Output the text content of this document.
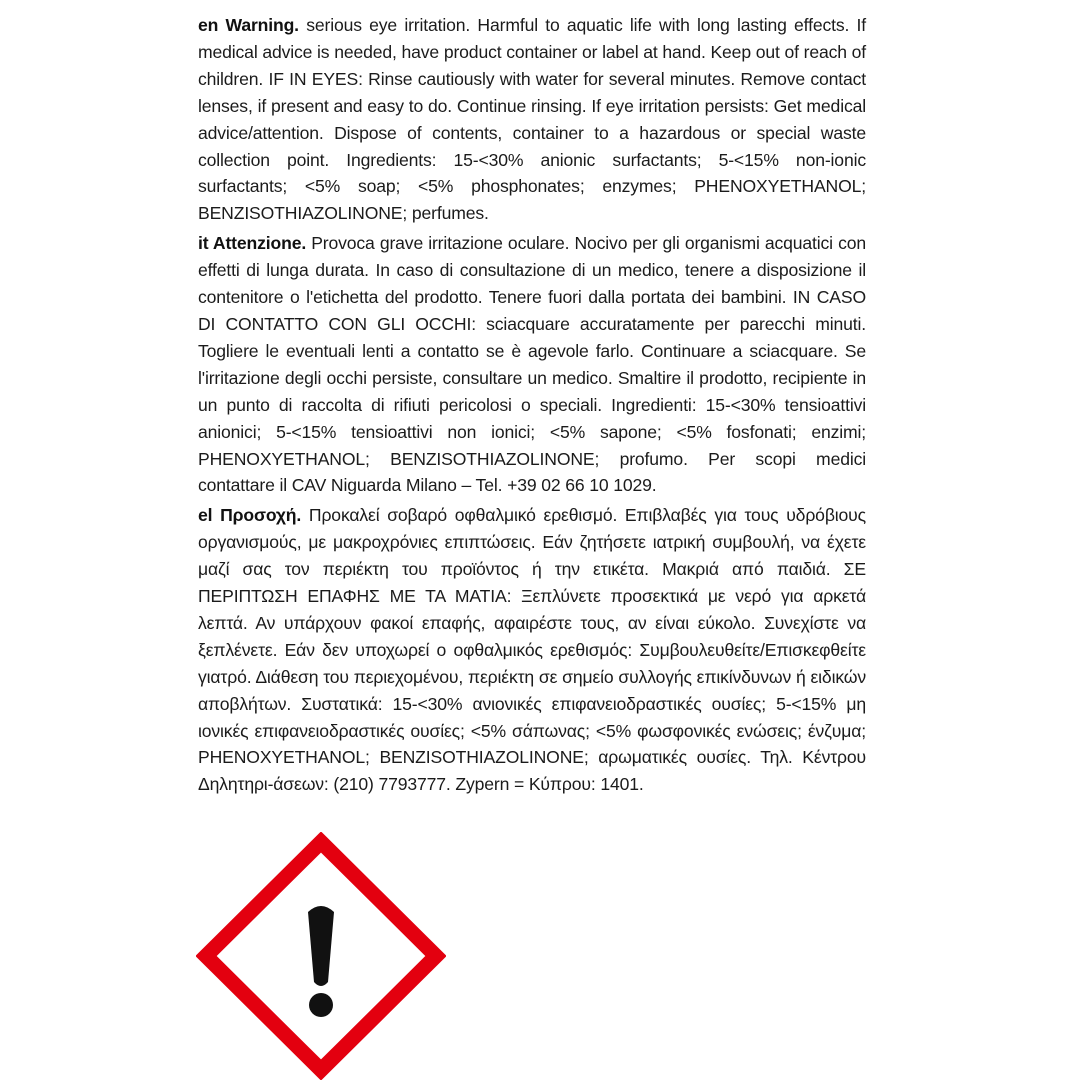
en Warning. serious eye irritation. Harmful to aquatic life with long lasting effects. If medical advice is needed, have product container or label at hand. Keep out of reach of children. IF IN EYES: Rinse cautiously with water for several minutes. Remove contact lenses, if present and easy to do. Continue rinsing. If eye irritation persists: Get medical advice/attention. Dispose of contents, container to a hazardous or special waste collection point. Ingredients: 15-<30% anionic surfactants; 5-<15% non-ionic surfactants; <5% soap; <5% phosphonates; enzymes; PHENOXYETHANOL; BENZISOTHIAZOLINONE; perfumes.

it Attenzione. Provoca grave irritazione oculare. Nocivo per gli organismi acquatici con effetti di lunga durata. In caso di consultazione di un medico, tenere a disposizione il contenitore o l'etichetta del prodotto. Tenere fuori dalla portata dei bambini. IN CASO DI CONTATTO CON GLI OCCHI: sciacquare accuratamente per parecchi minuti. Togliere le eventuali lenti a contatto se è agevole farlo. Continuare a sciacquare. Se l'irritazione degli occhi persiste, consultare un medico. Smaltire il prodotto, recipiente in un punto di raccolta di rifiuti pericolosi o speciali. Ingredienti: 15-<30% tensioattivi anionici; 5-<15% tensioattivi non ionici; <5% sapone; <5% fosfonati; enzimi; PHENOXYETHANOL; BENZISOTHIAZOLINONE; profumo. Per scopi medici contattare il CAV Niguarda Milano – Tel. +39 02 66 10 1029.

el Προσοχή. Προκαλεί σοβαρό οφθαλμικό ερεθισμό. Επιβλαβές για τους υδρόβιους οργανισμούς, με μακροχρόνιες επιπτώσεις. Εάν ζητήσετε ιατρική συμβουλή, να έχετε μαζί σας τον περιέκτη του προϊόντος ή την ετικέτα. Μακριά από παιδιά. ΣΕ ΠΕΡΙΠΤΩΣΗ ΕΠΑΦΗΣ ΜΕ ΤΑ ΜΑΤΙΑ: Ξεπλύνετε προσεκτικά με νερό για αρκετά λεπτά. Αν υπάρχουν φακοί επαφής, αφαιρέστε τους, αν είναι εύκολο. Συνεχίστε να ξεπλένετε. Εάν δεν υποχωρεί ο οφθαλμικός ερεθισμός: Συμβουλευθείτε/Επισκεφθείτε γιατρό. Διάθεση του περιεχομένου, περιέκτη σε σημείο συλλογής επικίνδυνων ή ειδικών αποβλήτων. Συστατικά: 15-<30% ανιονικές επιφανειοδραστικές ουσίες; 5-<15% μη ιονικές επιφανειοδραστικές ουσίες; <5% σάπωνας; <5% φωσφονικές ενώσεις; ένζυμα; PHENOXYETHANOL; BENZISOTHIAZOLINONE; αρωματικές ουσίες. Τηλ. Κέντρου Δηλητηρι-άσεων: (210) 7793777. Zypern = Κύπρου: 1401.
